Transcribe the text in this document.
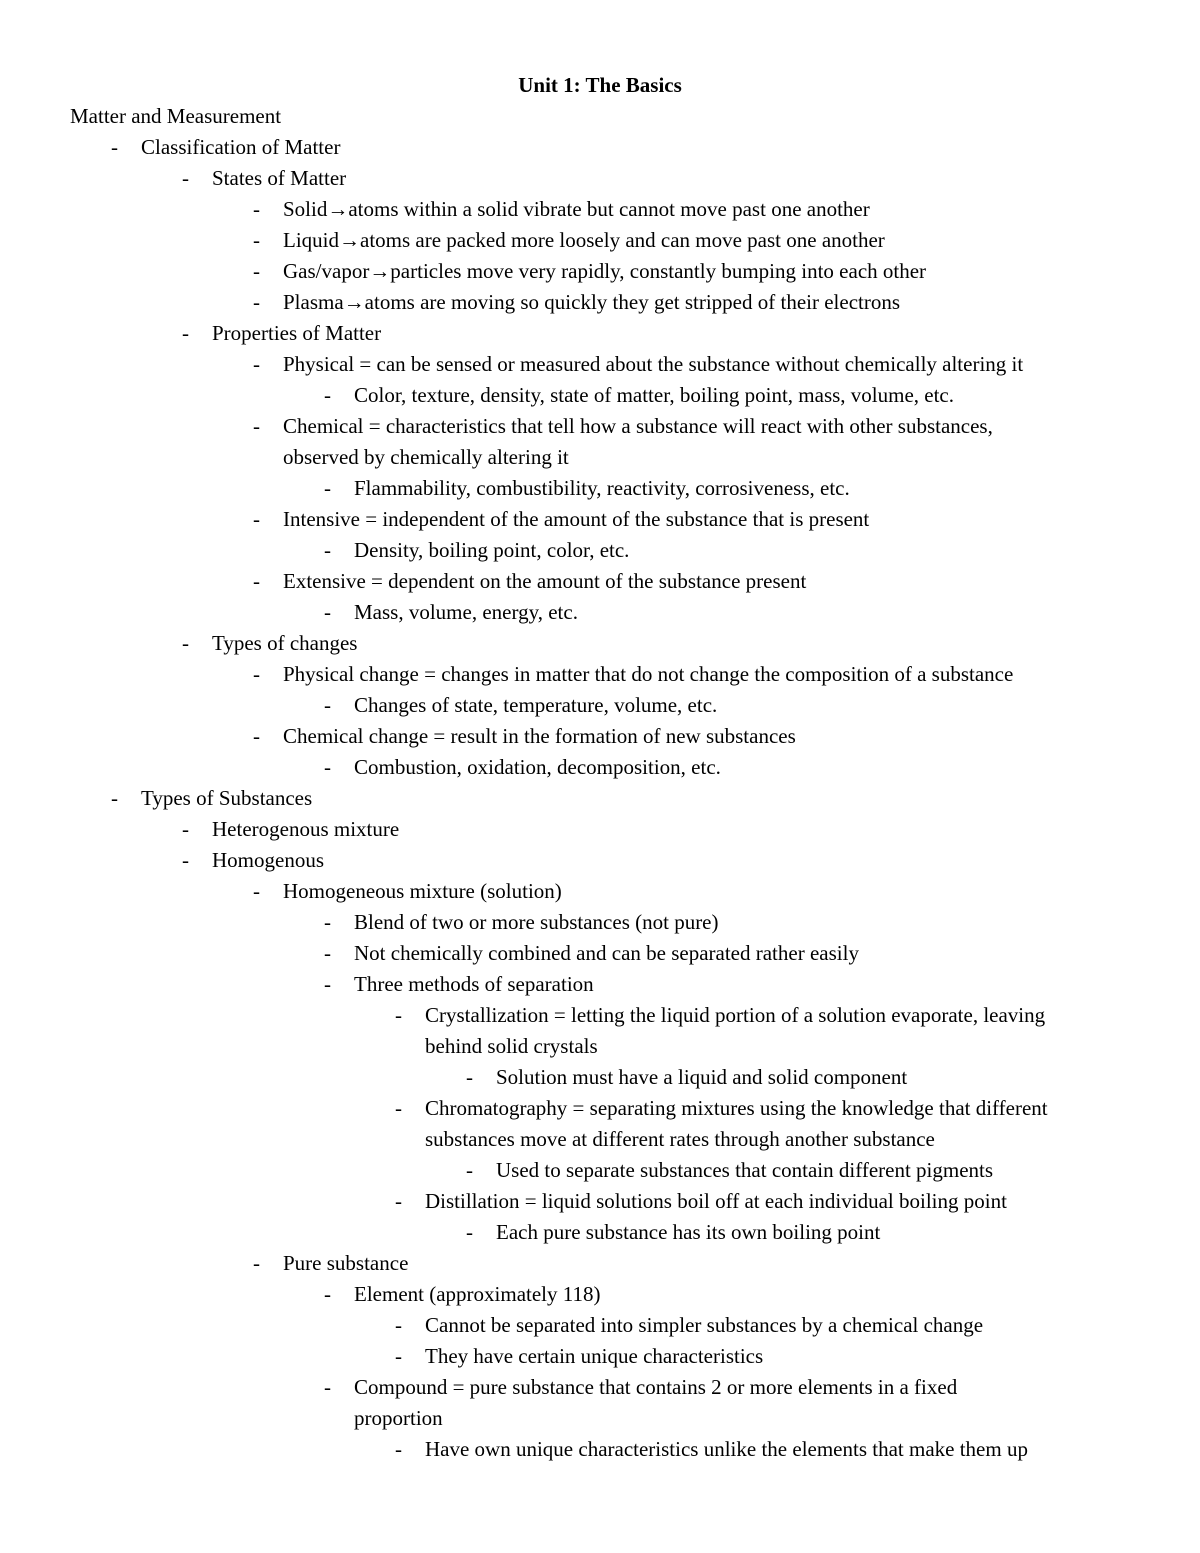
Unit 1: The Basics
Matter and Measurement
- Classification of Matter
- States of Matter
- Solid→atoms within a solid vibrate but cannot move past one another
- Liquid→atoms are packed more loosely and can move past one another
- Gas/vapor→particles move very rapidly, constantly bumping into each other
- Plasma→atoms are moving so quickly they get stripped of their electrons
- Properties of Matter
- Physical = can be sensed or measured about the substance without chemically altering it
- Color, texture, density, state of matter, boiling point, mass, volume, etc.
- Chemical = characteristics that tell how a substance will react with other substances,
observed by chemically altering it
- Flammability, combustibility, reactivity, corrosiveness, etc.
- Intensive = independent of the amount of the substance that is present
- Density, boiling point, color, etc.
- Extensive = dependent on the amount of the substance present
- Mass, volume, energy, etc.
- Types of changes
- Physical change = changes in matter that do not change the composition of a substance
- Changes of state, temperature, volume, etc.
- Chemical change = result in the formation of new substances
- Combustion, oxidation, decomposition, etc.
- Types of Substances
- Heterogenous mixture
- Homogenous
- Homogeneous mixture (solution)
- Blend of two or more substances (not pure)
- Not chemically combined and can be separated rather easily
- Three methods of separation
- Crystallization = letting the liquid portion of a solution evaporate, leaving
behind solid crystals
- Solution must have a liquid and solid component
- Chromatography = separating mixtures using the knowledge that different
substances move at different rates through another substance
- Used to separate substances that contain different pigments
- Distillation = liquid solutions boil off at each individual boiling point
- Each pure substance has its own boiling point
- Pure substance
- Element (approximately 118)
- Cannot be separated into simpler substances by a chemical change
- They have certain unique characteristics
- Compound = pure substance that contains 2 or more elements in a fixed
proportion
- Have own unique characteristics unlike the elements that make them up
